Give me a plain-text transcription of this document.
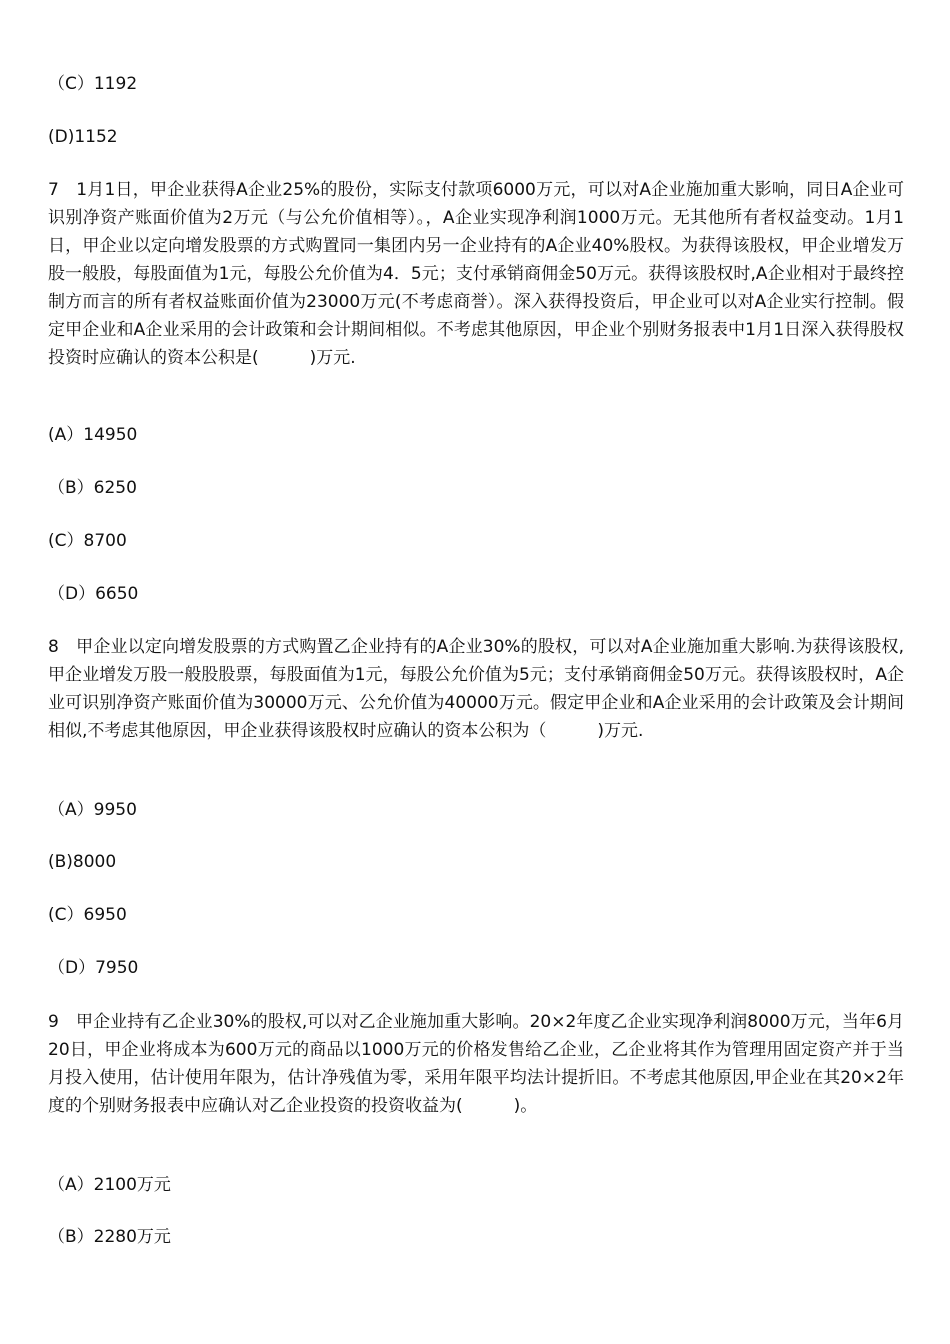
（C）1192
(D)1152
7　1月1日，甲企业获得A企业25%的股份，实际支付款项6000万元，可以对A企业施加重大影响，同日A企业可识别净资产账面价值为2万元（与公允价值相等）。，A企业实现净利润1000万元。无其他所有者权益变动。1月1日，甲企业以定向增发股票的方式购置同一集团内另一企业持有的A企业40%股权。为获得该股权，甲企业增发万股一般股，每股面值为1元，每股公允价值为4．5元；支付承销商佣金50万元。获得该股权时,A企业相对于最终控制方而言的所有者权益账面价值为23000万元(不考虑商誉）。深入获得投资后，甲企业可以对A企业实行控制。假定甲企业和A企业采用的会计政策和会计期间相似。不考虑其他原因，甲企业个别财务报表中1月1日深入获得股权投资时应确认的资本公积是(　　　)万元.
(A）14950
（B）6250
(C）8700
（D）6650
8　甲企业以定向增发股票的方式购置乙企业持有的A企业30%的股权，可以对A企业施加重大影响.为获得该股权,甲企业增发万股一般股股票，每股面值为1元，每股公允价值为5元；支付承销商佣金50万元。获得该股权时，A企业可识别净资产账面价值为30000万元、公允价值为40000万元。假定甲企业和A企业采用的会计政策及会计期间相似,不考虑其他原因，甲企业获得该股权时应确认的资本公积为（　　　)万元.
（A）9950
(B)8000
(C）6950
（D）7950
9　甲企业持有乙企业30%的股权,可以对乙企业施加重大影响。20×2年度乙企业实现净利润8000万元，当年6月20日，甲企业将成本为600万元的商品以1000万元的价格发售给乙企业，乙企业将其作为管理用固定资产并于当月投入使用，估计使用年限为，估计净残值为零，采用年限平均法计提折旧。不考虑其他原因,甲企业在其20×2年度的个别财务报表中应确认对乙企业投资的投资收益为(　　　)。
（A）2100万元
（B）2280万元
